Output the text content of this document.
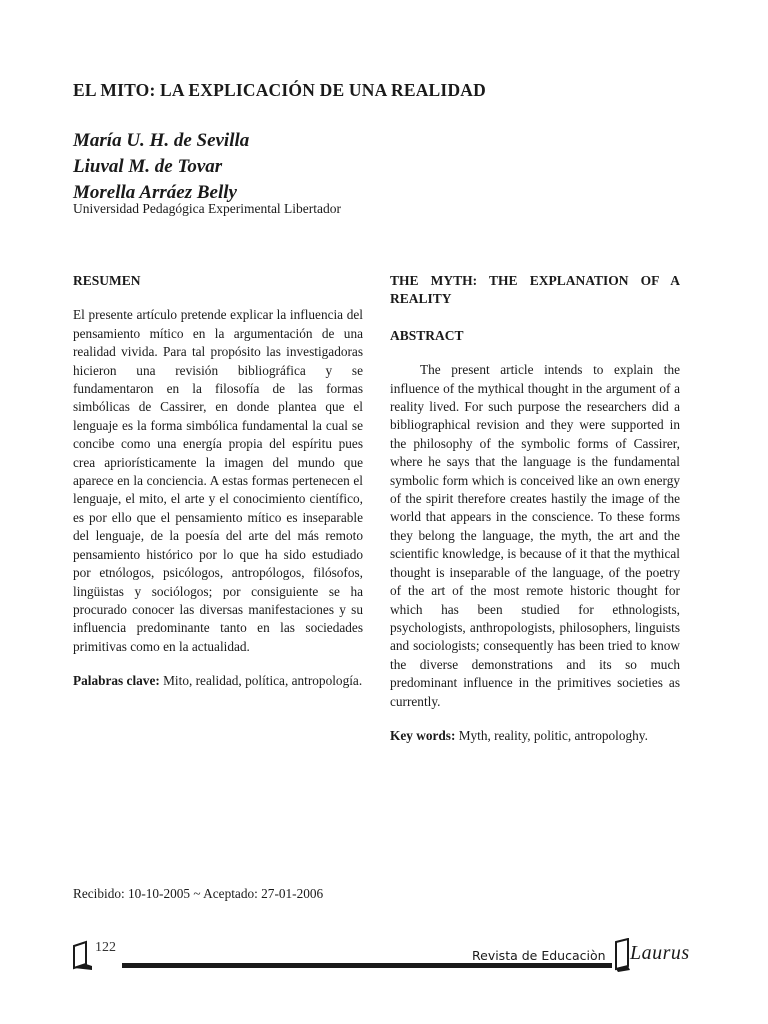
EL MITO: LA EXPLICACIÓN DE UNA REALIDAD
María U. H. de Sevilla
Liuval M. de Tovar
Morella Arráez Belly
Universidad Pedagógica Experimental Libertador
RESUMEN

El presente artículo pretende explicar la influencia del pensamiento mítico en la argumentación de una realidad vivida. Para tal propósito las investigadoras hicieron una revisión bibliográfica y se fundamentaron en la filosofía de las formas simbólicas de Cassirer, en donde plantea que el lenguaje es la forma simbólica fundamental la cual se concibe como una energía propia del espíritu pues crea apriorísticamente la imagen del mundo que aparece en la conciencia. A estas formas pertenecen el lenguaje, el mito, el arte y el conocimiento científico, es por ello que el pensamiento mítico es inseparable del lenguaje, de la poesía del arte del más remoto pensamiento histórico por lo que ha sido estudiado por etnólogos, psicólogos, antropólogos, filósofos, lingüistas y sociólogos; por consiguiente se ha procurado conocer las diversas manifestaciones y su influencia predominante tanto en las sociedades primitivas como en la actualidad.

Palabras clave: Mito, realidad, política, antropología.

THE MYTH: THE EXPLANATION OF A REALITY
ABSTRACT

The present article intends to explain the influence of the mythical thought in the argument of a reality lived. For such purpose the researchers did a bibliographical revision and they were supported in the philosophy of the symbolic forms of Cassirer, where he says that the language is the fundamental symbolic form which is conceived like an own energy of the spirit therefore creates hastily the image of the world that appears in the conscience. To these forms they belong the language, the myth, the art and the scientific knowledge, is because of it that the mythical thought is inseparable of the language, of the poetry of the art of the most remote historic thought for which has been studied for ethnologists, psychologists, anthropologists, philosophers, linguists and sociologists; consequently has been tried to know the diverse demonstrations and its so much predominant influence in the primitives societies as currently.

Key words: Myth, reality, politic, antropologhy.

Recibido: 10-10-2005 ~ Aceptado: 27-01-2006
122
Revista de Educaciòn Laurus
